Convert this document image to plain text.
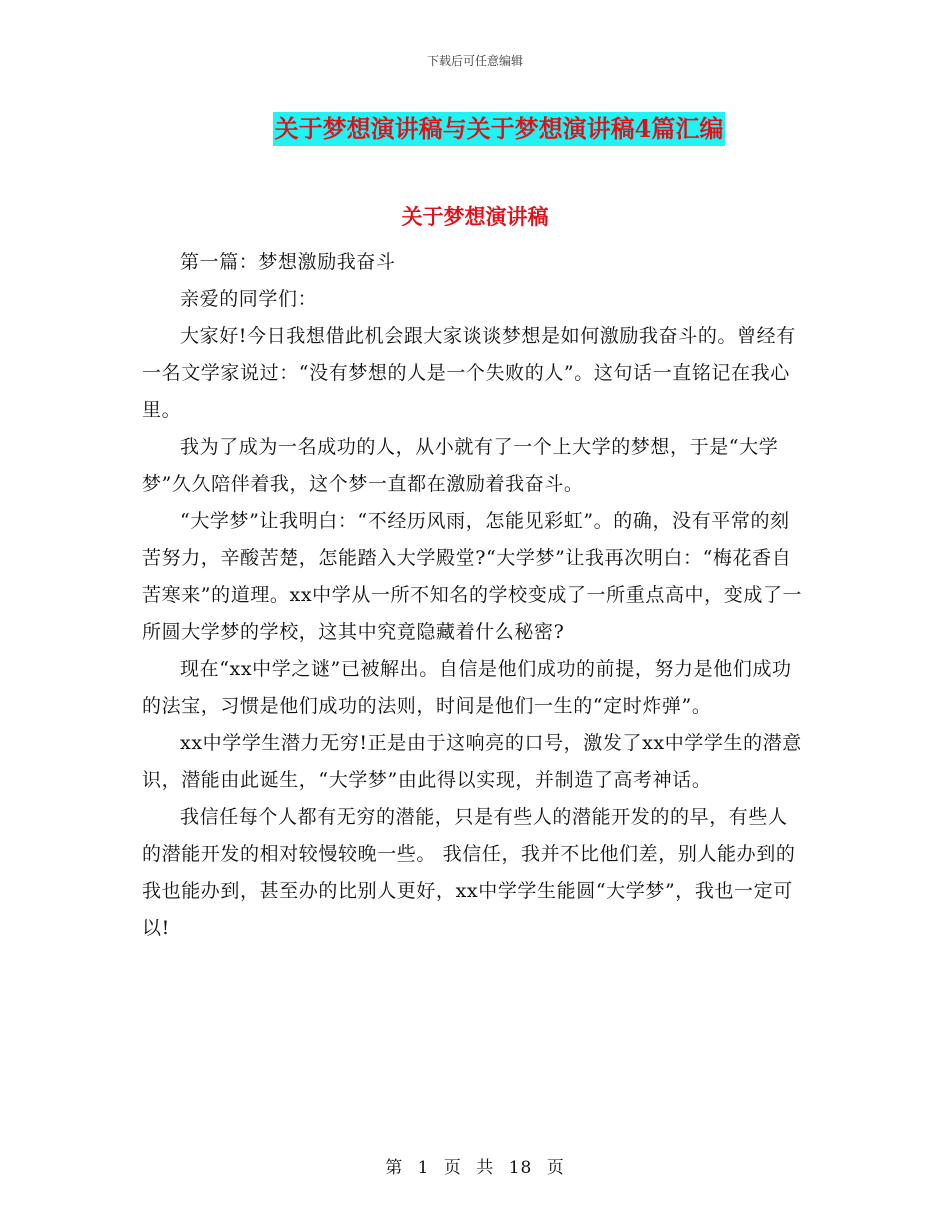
下载后可任意编辑
关于梦想演讲稿与关于梦想演讲稿4篇汇编
关于梦想演讲稿

第一篇：梦想激励我奋斗

亲爱的同学们：

大家好!今日我想借此机会跟大家谈谈梦想是如何激励我奋斗的。曾经有一名文学家说过：“没有梦想的人是一个失败的人”。这句话一直铭记在我心里。

我为了成为一名成功的人，从小就有了一个上大学的梦想，于是“大学梦”久久陪伴着我，这个梦一直都在激励着我奋斗。

“大学梦”让我明白：“不经历风雨，怎能见彩虹”。的确，没有平常的刻苦努力，辛酸苦楚，怎能踏入大学殿堂?“大学梦”让我再次明白：“梅花香自苦寒来”的道理。xx中学从一所不知名的学校变成了一所重点高中，变成了一所圆大学梦的学校，这其中究竟隐藏着什么秘密?

现在“xx中学之谜”已被解出。自信是他们成功的前提，努力是他们成功的法宝，习惯是他们成功的法则，时间是他们一生的“定时炸弹”。

xx中学学生潜力无穷!正是由于这响亮的口号，激发了xx中学学生的潜意识，潜能由此诞生，“大学梦”由此得以实现，并制造了高考神话。

我信任每个人都有无穷的潜能，只是有些人的潜能开发的的早，有些人的潜能开发的相对较慢较晚一些。 我信任，我并不比他们差，别人能办到的我也能办到，甚至办的比别人更好，xx中学学生能圆“大学梦”，我也一定可以!

第 1 页 共 18 页
